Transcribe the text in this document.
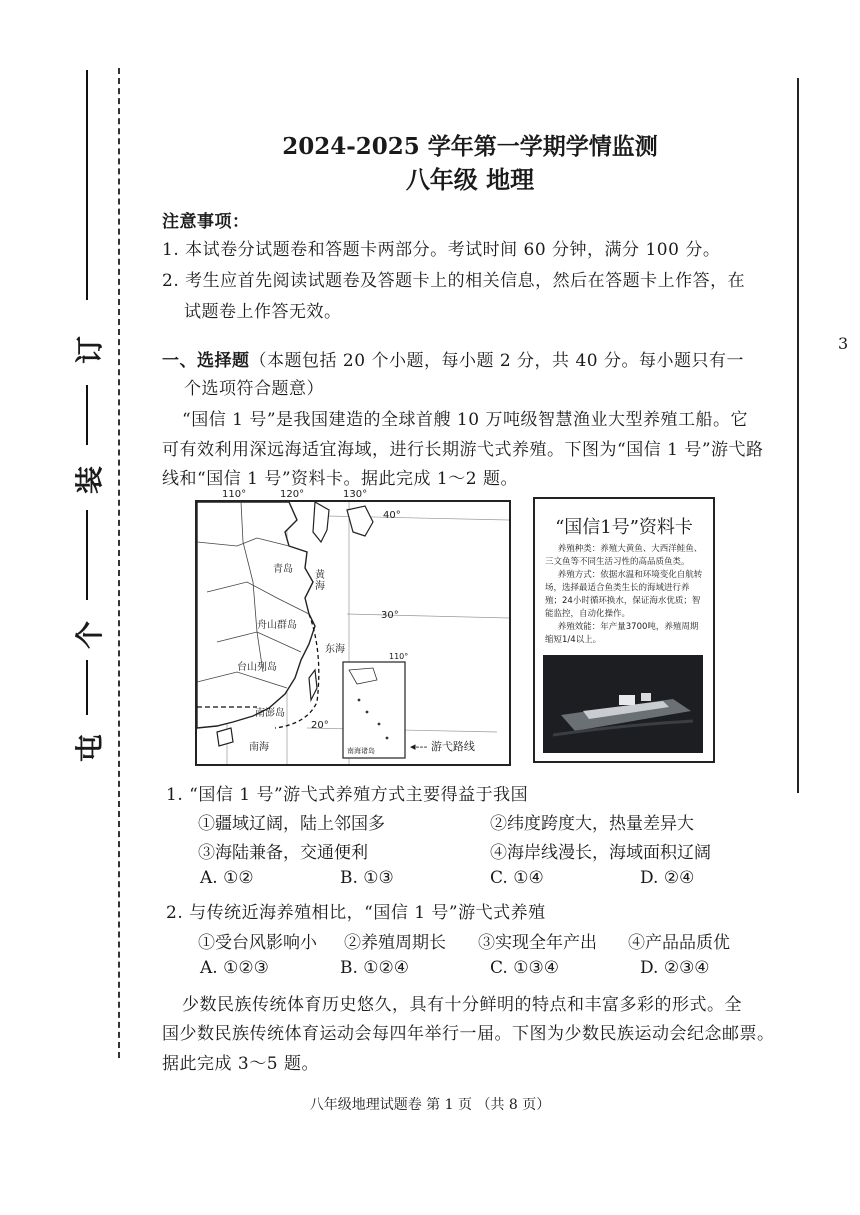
订
装
个
屯
3
2024-2025 学年第一学期学情监测
八年级 地理
注意事项：
1. 本试卷分试题卷和答题卡两部分。考试时间 60 分钟，满分 100 分。
2. 考生应首先阅读试题卷及答题卡上的相关信息，然后在答题卡上作答，在
试题卷上作答无效。
一、选择题（本题包括 20 个小题，每小题 2 分，共 40 分。每小题只有一
个选项符合题意）
“国信 1 号”是我国建造的全球首艘 10 万吨级智慧渔业大型养殖工船。它
可有效利用深远海适宜海域，进行长期游弋式养殖。下图为“国信 1 号”游弋路
线和“国信 1 号”资料卡。据此完成 1～2 题。
110°	120°	130°
40°
30°
20°
青岛
黄海
舟山群岛
东海
台山列岛
南澎岛
南海
110°
南海诸岛	◂‑‑‑ 游弋路线
“国信1号”资料卡
养殖种类：养殖大黄鱼、大西洋鲑鱼、三文鱼等不同生活习性的高品质鱼类。
养殖方式：依据水温和环境变化自航转场，选择最适合鱼类生长的海域进行养殖；24小时循环换水，保证海水优质；智能监控，自动化操作。
养殖效能：年产量3700吨，养殖周期缩短1/4以上。
1. “国信 1 号”游弋式养殖方式主要得益于我国
①疆域辽阔，陆上邻国多	②纬度跨度大，热量差异大
③海陆兼备，交通便利	④海岸线漫长，海域面积辽阔
A. ①②	B. ①③	C. ①④	D. ②④
2. 与传统近海养殖相比，“国信 1 号”游弋式养殖
①受台风影响小 ②养殖周期长 ③实现全年产出 ④产品品质优
A. ①②③	B. ①②④	C. ①③④	D. ②③④
少数民族传统体育历史悠久，具有十分鲜明的特点和丰富多彩的形式。全
国少数民族传统体育运动会每四年举行一届。下图为少数民族运动会纪念邮票。
据此完成 3～5 题。
八年级地理试题卷 第 1 页 （共 8 页）
